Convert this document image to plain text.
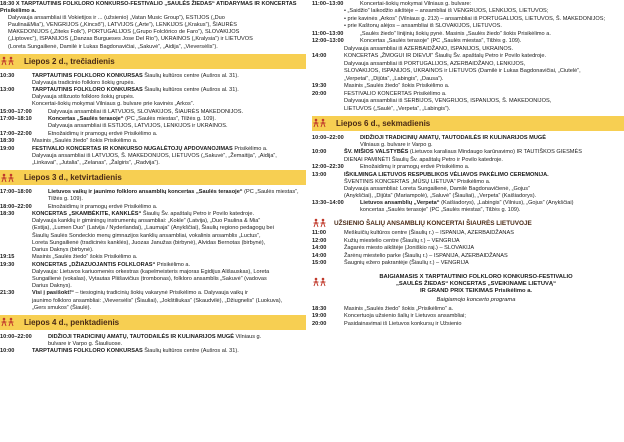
18:30 X TARPTAUTINIS FOLKLORO KONKURSO-FESTIVALIO „SAULĖS ŽIEDAS“ ATIDARYMAS IR KONCERTAS Prisikėlimo a.

Dalyvauja ansambliai iš Vokietijos ir ... (užsienio) „Vatan Music Group“), ESTIJOS („Duo

Paulina&Mia“), VENGRIJOS („Kincső“), LATVIJOS („Arte“), LENKIJOS („Krakus“), ŠIAURĖS

MAKEDONIJOS („Ziteks Folk“), PORTUGALIJOS („Grupo Folclórico de Faro“), SLOVAKIJOS

(„Liptovec“), ISPANIJOS („Danzas Burgueses Jose Del Rio“), UKRAINOS („Kralysia“) ir LIETUVOS

(Loreta Sungailienė, Damilė ir Lukas Bagdonavičiai, „Sakuvė“, „Aidija“, „Vieversėlis“).

Liepos 2 d., trečiadienis
10:30	TARPTAUTINIS FOLKLORO KONKURSAS Šiaulių kultūros centre (Aušros al. 31).

Dalyvauja tradicinio folkloro šokių grupės.

13:00	TARPTAUTINIS FOLKLORO KONKURSAS Šiaulių kultūros centre (Aušros al. 31).

Dalyvauja stilizuoto folkloro šokių grupės.

Koncertai-šokių mokymai Vilniaus g. bulvare prie kavinės „Arkos“.

15:00–17:00	Dalyvauja ansambliai iš LATVIJOS, SLOVAKIJOS, ŠIAURĖS MAKEDONIJOS.

17:00–18:10	Koncertas „Saulės terasoje“ (PC „Saulės miestas“, Tilžės g. 109).

Dalyvauja ansambliai iš ESTIJOS, LATVIJOS, LENKIJOS ir UKRAINOS.

17:00–22:00	Etnožaidimų ir pramogų erdvė Prisikėlimo a.

18:30	Masinis „Saulės žiedo“ šokis Prisikėlimo a.

19:00	FESTIVALIO KONCERTAS IR KONKURSO NUGALĖTOJŲ APDOVANOJIMAS Prisikėlimo a.

Dalyvauja ansambliai iš LATVIJOS, Š. MAKEDONIJOS, LIETUVOS („Sakuvė“, „Žemaitija“, „Aidija“,

„Linkavai“, „Jutalia“, „Zelanas“, „Žalgiris“, „Radvija“).

Liepos 3 d., ketvirtadienis
17:00–18:00	Lietuvos vaikų ir jaunimo folkloro ansamblių koncertas „Saulės terasoje“ (PC „Saulės miestas“, Tilžės g. 109).

18:00–22:00	Etnožaidimų ir pramogų erdvė Prisikėlimo a.

18:30	KONCERTAS „SKAMBĖKITE, KANKLĖS“ Šiaulių Šv. apaštalų Petro ir Povilo katedroje.

Dalyvauja kanklių ir giminingų instrumentų ansambliai: „Kokle“ (Latvija), „Duo Paulina & Mia“

(Estija), „Lumen Duo“ (Latvija / Nyderlandai), „Laumaja“ (Anykščiai), Šiaulių regiono pedagogų bei

Šiaulių Saulės Sondeckio menų gimnazijos kanklių ansambliai, vokalinis ansamblis „Luctus“,

Loreta Sungailienė (tradicinės kanklės), Juozas Janužas (birbynė), Alvidas Bernotas (birbynė),

Darius Daknys (birbynė).

19:15	Masinis „Saulės žiedo“ šokis Prisikėlimo a.

19:30	KONCERTAS „DŽIAZUOJANTIS FOLKLORAS“ Prisikėlimo a.

Dalyvauja: Lietuvos kariuomenės orkestras (kapelmeisteris majoras Egidijus Ališauskas), Loreta

Sungailienė (vokalas), Vytautas Pliišavičius (trombonas), folkloro ansamblis „Sakuvė“ (vadovas

Darius Daknys).

21:30	Visi į pasišokt!“ – tiesioginių tradicinių šokių vakarynė Prisikėlimo a. Dalyvauja vaikų ir

jaunimo folkloro ansambliai: „Vieversėlis“ (Šiauliai), „Jokštiliukas“ (Skaudvilė), „Džiugnelis“ (Luokuva),

„Gers smukos“ (Šiaulė).

Liepos 4 d., penktadienis
10:00–22:00	DIDŽIOJI TRADICINIŲ AMATŲ, TAUTODAILĖS IR KULINARIJOS MUGĖ Vilniaus g.

bulvare ir Varpo g. Šiauliuose.

10:00	TARPTAUTINIS FOLKLORO KONKURSAS Šiaulių kultūros centre (Aušros al. 31).

11:00–13:00	Koncertai-šokių mokymai Vilniaus g. bulvare:
• „Saidžio“ laikodžio aikštėje – ansambliai iš VENGRIJOS, LENKIJOS, LIETUVOS;
• prie kavinės „Arkos“ (Vilniaus g. 213) – ansambliai iš PORTUGALIJOS, LIETUVOS, Š. MAKEDONIJOS;
• prie Kaštonų alėjos – ansambliai iš SLOVAKIJOS, LIETUVOS.
11:00–13:00	„Saulės žiedo“ linijinių šokių pynė. Masinis „Saulės žiedo“ šokis Prisikėlimo a.
12:00–13:00	Koncertas „Saulės terasoje“ (PC „Saulės miestas“, Tilžės g. 109).
Dalyvauja ansambliai iš AZERBAIDŽANO, ISPANIJOS, UKRAINOS.
14:00	KONCERTAS „ŽMOGUI IR DIEVUI“ Šiaulių Šv. apaštalų Petro ir Povilo katedroje.
Dalyvauja ansambliai iš PORTUGALIJOS, AZERBAIDŽANO, LENKIJOS,
SLOVAKIJOS, ISPANIJOS, UKRAINOS ir LIETUVOS (Damilė ir Lukas Bagdonavičiai, „Ciutelė“,
„Verpetai“, „Dijūta“, „Labingis“, „Dausa“).
19:30	Masinis „Saulės žiedo“ šokis Prisikėlimo a.
20:00	FESTIVALIO KONCERTAS Prisikėlimo a.
Dalyvauja ansambliai iš SERBIJOS, VENGRIJOS, ISPANIJOS, Š. MAKEDONIJOS,
LIETUVOS („Saulė“, „Verpeta“, „Labingis“).
Liepos 6 d., sekmadienis
10:00–22:00	DIDŽIOJI TRADICINIŲ AMATŲ, TAUTODAILĖS IR KULINARIJOS MUGĖ

Vilniaus g. bulvare ir Varpo g.

10:00	ŠV. MIŠIOS VALSTYBĖS (Lietuvos karaliaus Mindaugo karūnavimo) IR TAUTIŠKOS GIESMĖS

DIENAI PAMINĖTI Šiaulių Šv. apaštalų Petro ir Povilo katedroje.

12:00–22:30	Etnožaidimų ir pramogų erdvė Prisikėlimo a.

13:00	IŠKILMINGA LIETUVOS RESPUBLIKOS VĖLIAVOS PAKĖLIMO CEREMONIJA.

ŠVENTINIS KONCERTAS „MŪSŲ LIETUVA“ Prisikėlimo a.

Dalyvauja ansambliai: Loreta Sungailienė, Damilė Bagdonavičienė, „Gojus“

(Anykščiai), „Dijūta“ (Mariampolė), „Saluvė“ (Šiauliai), „Verpeta“ (Kaišiadorys).

13:30–14:00	Lietuvos ansamblių „Verpeta“ (Kaišiadorys), „Labingis“ (Vilnius), „Gojus“ (Anykščiai)

koncertas „Saulės terasoje“ (PC „Saulės miestas“, Tilžės g. 109).

UŽSIENIO ŠALIŲ ANSAMBLIŲ KONCERTAI ŠIAURĖS LIETUVOJE
11:00	Meškuičių kultūros centre (Šiaulių r.) – ISPANIJA, AZERBAIDŽANAS
12:00	Kužių miestelio centre (Šiaulių r.) – VENGRIJA
14:00	Žagarės miesto aikštėje (Joniškio raj.) – SLOVAKIJA
14:00	Žarėnų miestelio parke (Šiaulių r.) – ISPANIJA, AZERBAIDŽANAS
15:00	Šaugnių ežero pakrantėje (Šiaulių r.) – VENGRIJA

BAIGIAMASIS X TARPTAUTINIO FOLKLORO KONKURSO-FESTIVALIO

„SAULĖS ŽIEDAS“ KONCERTAS „SVEIKINAME LIETUVĄ“

IR GRAND PRIX TEIKIMAS Prisikėlimo a.

Baigiamojo koncerto programa

18:30	Masinis „Saulės žiedo“ šokis „Prisikėlimo“ a.
19:00	Koncertuoja užsienio šalių ir Lietuvos ansambliai;
20:00	Pasidainavimai iš Lietuvos konkursų ir Užsienio
